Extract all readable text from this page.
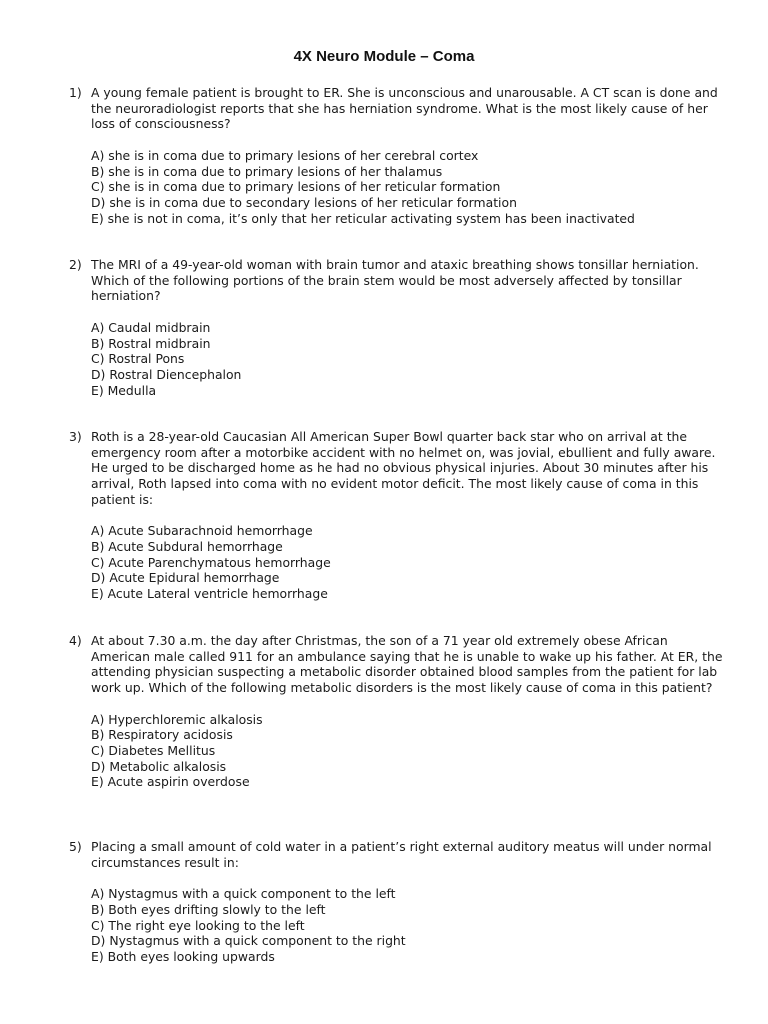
4X Neuro Module – Coma
1) A young female patient is brought to ER. She is unconscious and unarousable. A CT scan is done and the neuroradiologist reports that she has herniation syndrome. What is the most likely cause of her loss of consciousness?
A) she is in coma due to primary lesions of her cerebral cortex
B) she is in coma due to primary lesions of her thalamus
C) she is in coma due to primary lesions of her reticular formation
D) she is in coma due to secondary lesions of her reticular formation
E) she is not in coma, it’s only that her reticular activating system has been inactivated
2) The MRI of a 49-year-old woman with brain tumor and ataxic breathing shows tonsillar herniation. Which of the following portions of the brain stem would be most adversely affected by tonsillar herniation?
A) Caudal midbrain
B) Rostral midbrain
C) Rostral Pons
D) Rostral Diencephalon
E) Medulla
3) Roth is a 28-year-old Caucasian All American Super Bowl quarter back star who on arrival at the emergency room after a motorbike accident with no helmet on, was jovial, ebullient and fully aware. He urged to be discharged home as he had no obvious physical injuries. About 30 minutes after his arrival, Roth lapsed into coma with no evident motor deficit. The most likely cause of coma in this patient is:
A) Acute Subarachnoid hemorrhage
B) Acute Subdural hemorrhage
C) Acute Parenchymatous hemorrhage
D) Acute Epidural hemorrhage
E) Acute Lateral ventricle hemorrhage
4) At about 7.30 a.m. the day after Christmas, the son of a 71 year old extremely obese African American male called 911 for an ambulance saying that he is unable to wake up his father. At ER, the attending physician suspecting a metabolic disorder obtained blood samples from the patient for lab work up. Which of the following metabolic disorders is the most likely cause of coma in this patient?
A) Hyperchloremic alkalosis
B) Respiratory acidosis
C) Diabetes Mellitus
D) Metabolic alkalosis
E) Acute aspirin overdose
5) Placing a small amount of cold water in a patient’s right external auditory meatus will under normal circumstances result in:
A) Nystagmus with a quick component to the left
B) Both eyes drifting slowly to the left
C) The right eye looking to the left
D) Nystagmus with a quick component to the right
E) Both eyes looking upwards
